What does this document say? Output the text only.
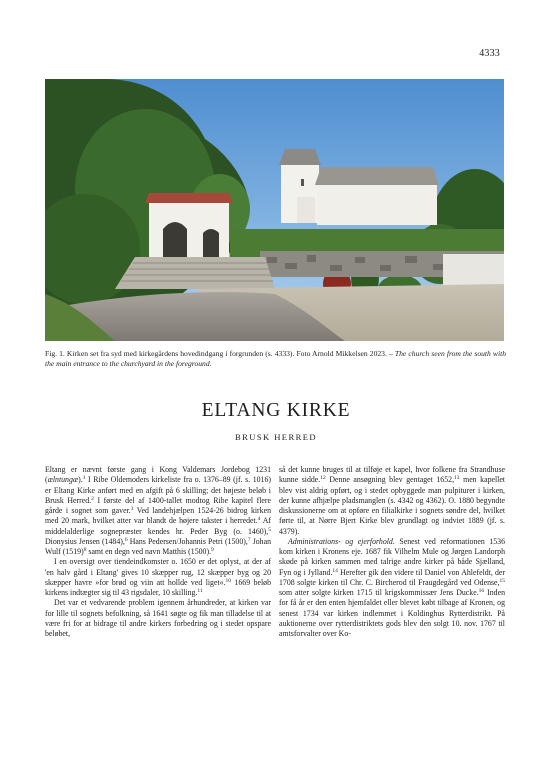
4333
Fig. 1. Kirken set fra syd med kirkegårdens hovedindgang i forgrunden (s. 4333). Foto Arnold Mikkelsen 2023. – The church seen from the south with the main entrance to the churchyard in the foreground.
ELTANG KIRKE
BRUSK HERRED

Eltang er nævnt første gang i Kong Valdemars Jordebog 1231 (ælntungæ).$^1$ I Ribe Oldemoders kirkeliste fra o. 1376–89 (jf. s. 1016) er Eltang Kirke anført med en afgift på 6 skilling; det højeste beløb i Brusk Herred.$^2$ I første del af 1400-tallet modtog Ribe kapitel flere gårde i sognet som gaver.$^3$ Ved landehjælpen 1524-26 bidrog kirken med 20 mark, hvilket atter var blandt de højere takster i herredet.$^4$ Af middelalderlige sognepræster kendes hr. Peder Byg (o. 1460),$^5$ Dionysius Jensen (1484),$^6$ Hans Pedersen/Johannis Petri (1500),$^7$ Johan Wulf $(1519)^8$ samt en degn ved navn Matthis (1500).$^9$

I en oversigt over tiendeindkomster o. 1650 er det oplyst, at der af 'en halv gård i Eltang' gives 10 skæpper rug, 12 skæpper byg og 20 skæpper havre »for brød og viin att hollde ved liget«.$^{10}$ 1669 beløb kirkens indtægter sig til 43 rigsdaler, 10 skilling.$^{11}$

Det var et vedvarende problem igennem århundreder, at kirken var for lille til sognets befolkning, så 1641 søgte og fik man tilladelse til at være fri for at bidrage til andre kirkers forbedring og i stedet opspare beløbet,

så det kunne bruges til at tilføje et kapel, hvor folkene fra Strandhuse kunne sidde.$^{12}$ Denne ansøgning blev gentaget 1652,13 men kapellet blev vist aldrig opført, og i stedet opbyggede man pulpiturer i kirken, der kunne afhjælpe pladsmanglen (s. 4342 og 4362). O. 1880 begyndte diskussionerne om at opføre en filialkirke i sognets søndre del, hvilket førte til, at Nørre Bjert Kirke blev grundlagt og indviet 1889 (jf. s. 4379).

Administrations- og ejerforhold. Senest ved reformationen 1536 kom kirken i Kronens eje. 1687 fik Vilhelm Mule og Jørgen Landorph skøde på kirken sammen med talrige andre kirker på både Sjælland, Fyn og i Jylland.$^{14}$ Herefter gik den videre til Daniel von Ahlefeldt, der 1708 solgte kirken til Chr. C. Bircherod til Fraugdegård ved Odense,$^{15}$ som atter solgte kirken 1715 til krigskommissær Jens Ducke.$^{16}$ Inden for få år er den enten hjemfaldet eller blevet købt tilbage af Kronen, og senest 1734 var kirken indlemmet i Koldinghus Rytterdistrikt. På auktionerne over rytterdistriktets gods blev den solgt 10. nov. 1767 til amtsforvalter over Ko-
